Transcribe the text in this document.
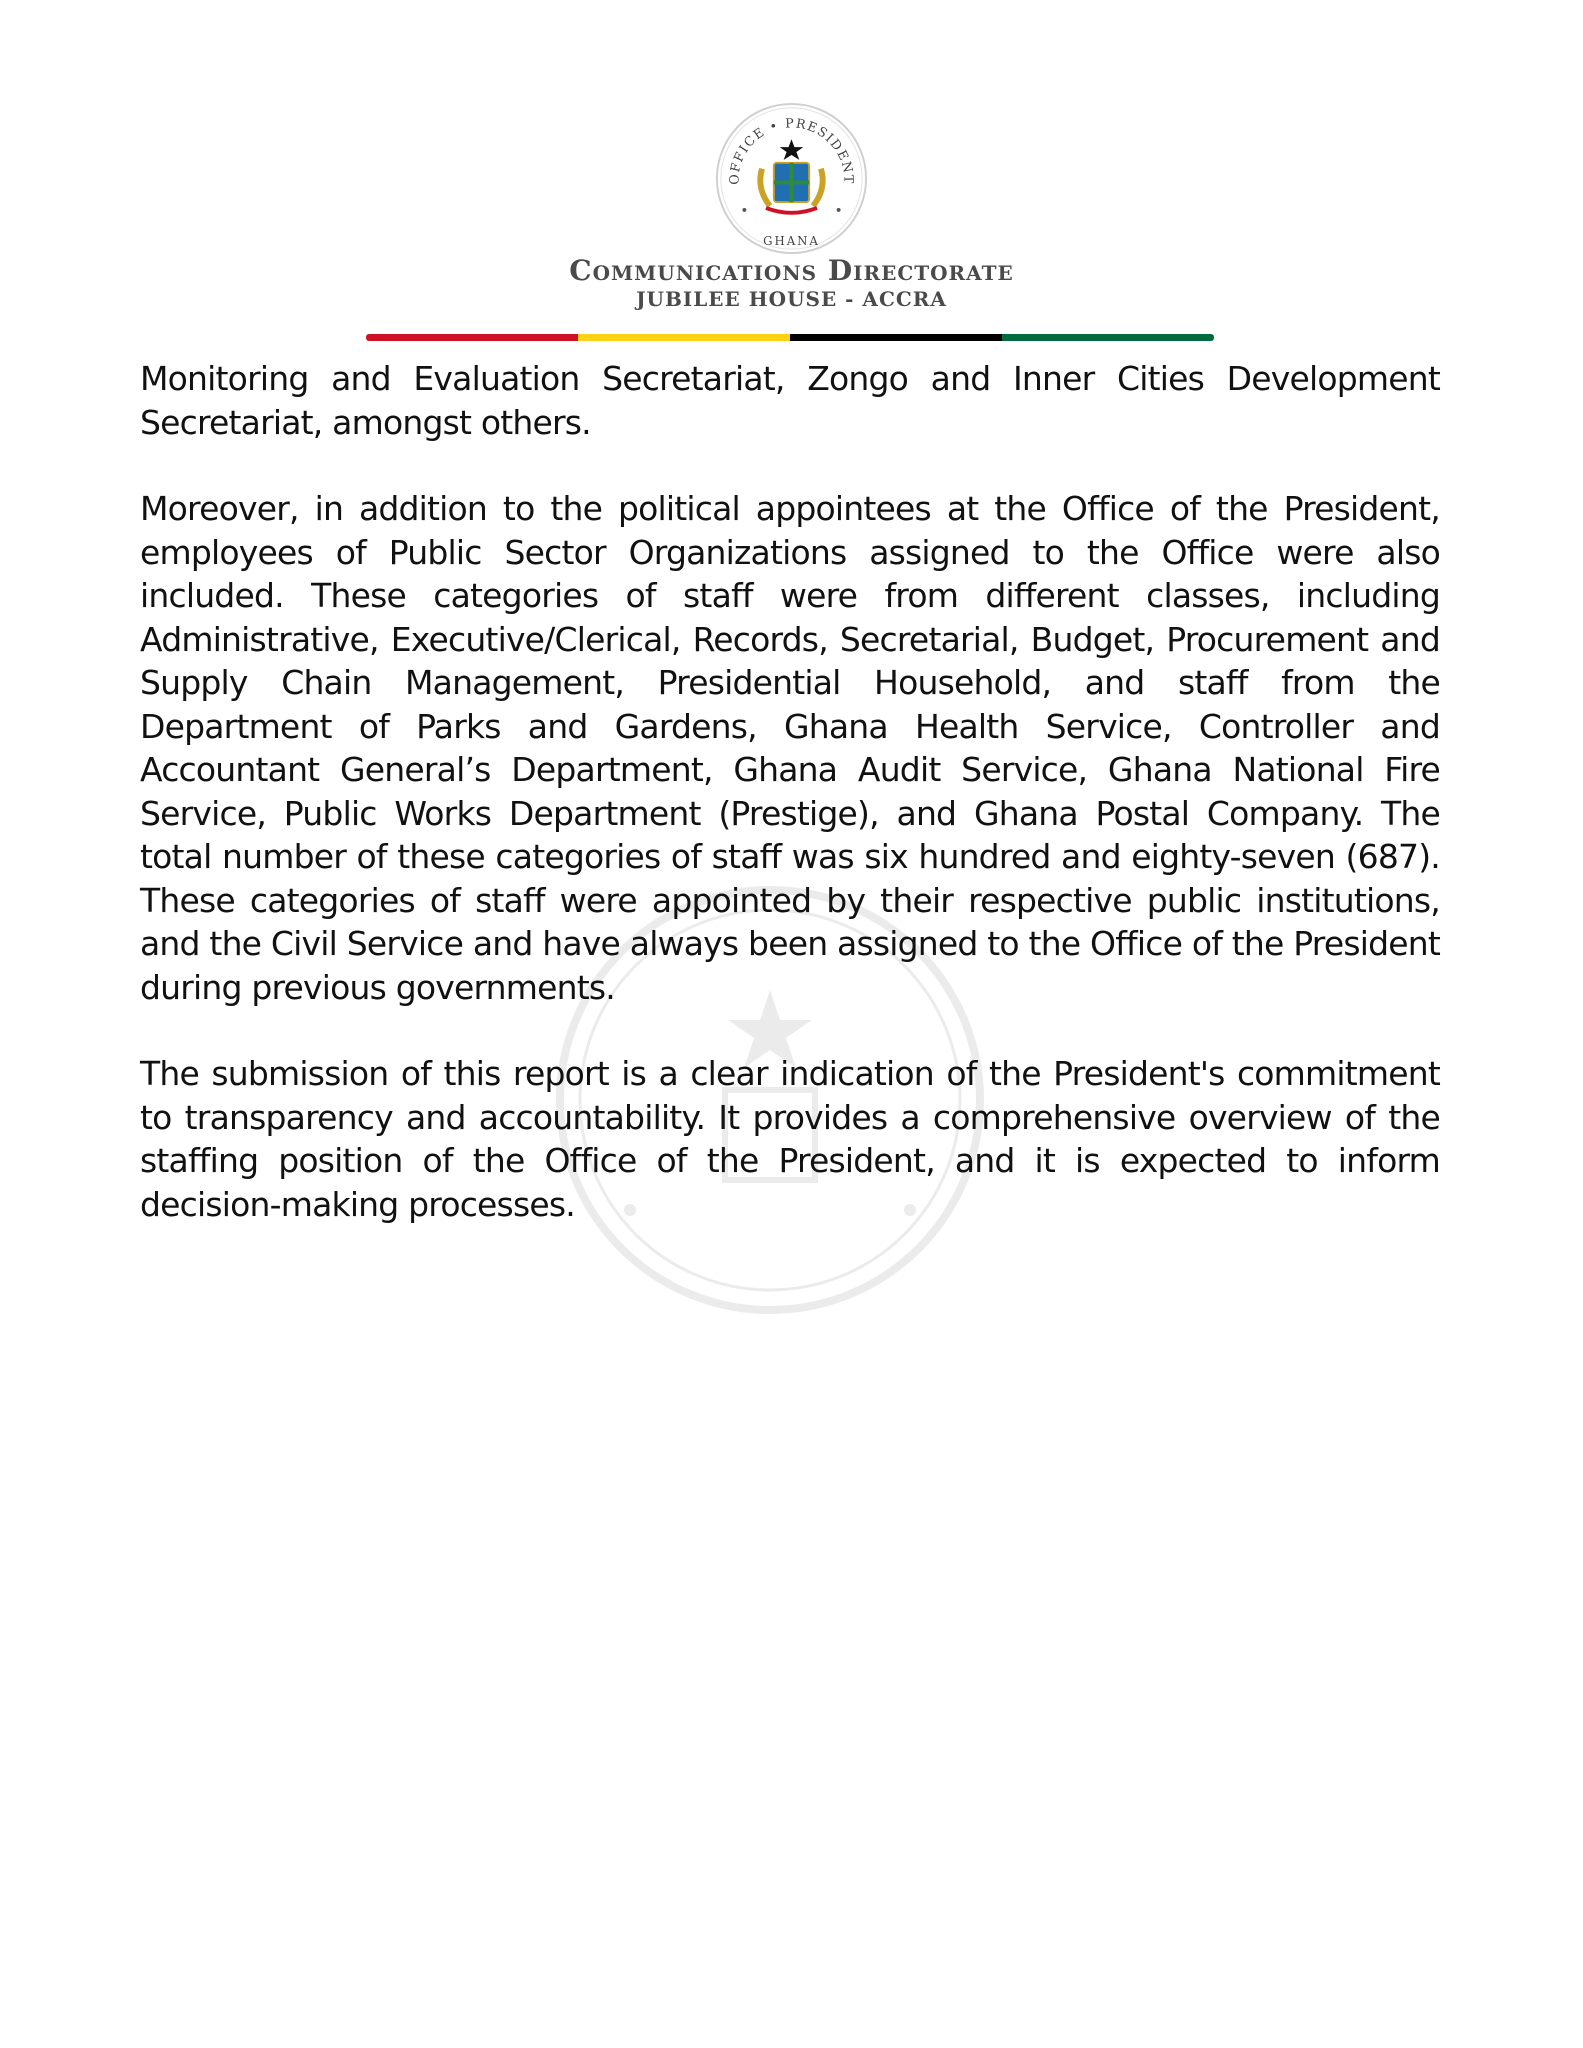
OFFICE • PRESIDENT
GHANA
Communications Directorate
JUBILEE HOUSE - ACCRA

Monitoring and Evaluation Secretariat, Zongo and Inner Cities Development Secretariat, amongst others.

Moreover, in addition to the political appointees at the Office of the President, employees of Public Sector Organizations assigned to the Office were also included. These categories of staff were from different classes, including Administrative, Executive/Clerical, Records, Secretarial, Budget, Procurement and Supply Chain Management, Presidential Household, and staff from the Department of Parks and Gardens, Ghana Health Service, Controller and Accountant General’s Department, Ghana Audit Service, Ghana National Fire Service, Public Works Department (Prestige), and Ghana Postal Company. The total number of these categories of staff was six hundred and eighty-seven (687). These categories of staff were appointed by their respective public institutions, and the Civil Service and have always been assigned to the Office of the President during previous governments.

The submission of this report is a clear indication of the President's commitment to transparency and accountability. It provides a comprehensive overview of the staffing position of the Office of the President, and it is expected to inform decision-making processes.
